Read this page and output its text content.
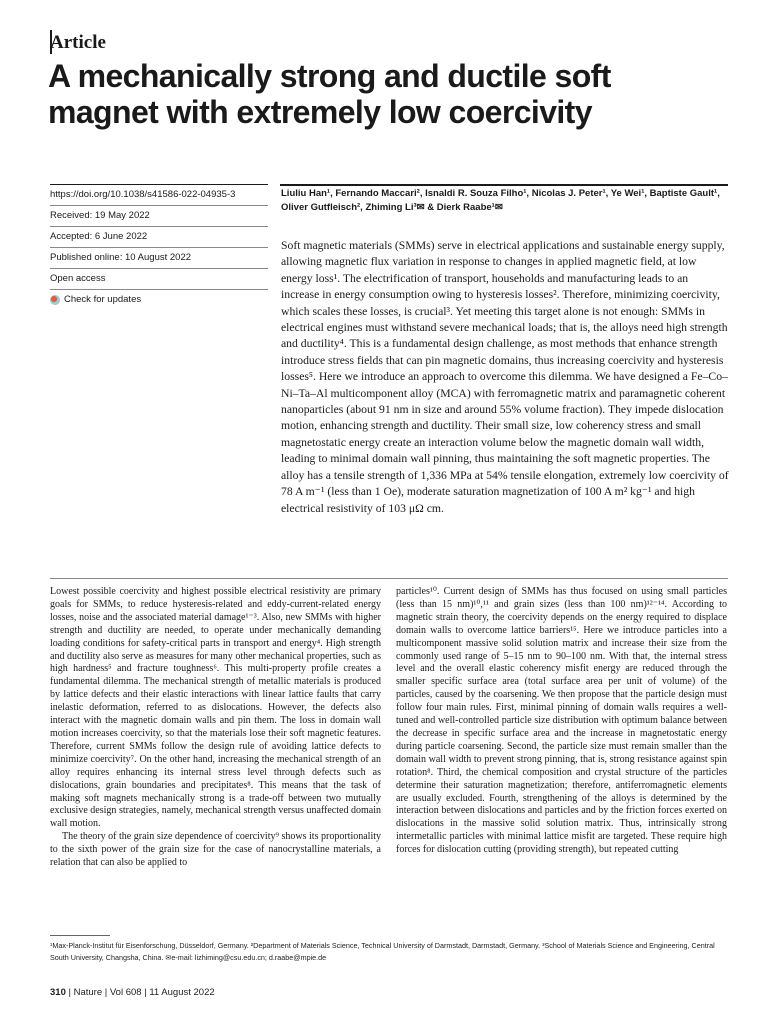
Article
A mechanically strong and ductile soft magnet with extremely low coercivity
https://doi.org/10.1038/s41586-022-04935-3
Received: 19 May 2022
Accepted: 6 June 2022
Published online: 10 August 2022
Open access
Check for updates
Liuliu Han¹, Fernando Maccari², Isnaldi R. Souza Filho¹, Nicolas J. Peter¹, Ye Wei¹, Baptiste Gault¹, Oliver Gutfleisch², Zhiming Li³✉ & Dierk Raabe¹✉

Soft magnetic materials (SMMs) serve in electrical applications and sustainable energy supply, allowing magnetic flux variation in response to changes in applied magnetic field, at low energy loss¹. The electrification of transport, households and manufacturing leads to an increase in energy consumption owing to hysteresis losses². Therefore, minimizing coercivity, which scales these losses, is crucial³. Yet meeting this target alone is not enough: SMMs in electrical engines must withstand severe mechanical loads; that is, the alloys need high strength and ductility⁴. This is a fundamental design challenge, as most methods that enhance strength introduce stress fields that can pin magnetic domains, thus increasing coercivity and hysteresis losses⁵. Here we introduce an approach to overcome this dilemma. We have designed a Fe–Co–Ni–Ta–Al multicomponent alloy (MCA) with ferromagnetic matrix and paramagnetic coherent nanoparticles (about 91 nm in size and around 55% volume fraction). They impede dislocation motion, enhancing strength and ductility. Their small size, low coherency stress and small magnetostatic energy create an interaction volume below the magnetic domain wall width, leading to minimal domain wall pinning, thus maintaining the soft magnetic properties. The alloy has a tensile strength of 1,336 MPa at 54% tensile elongation, extremely low coercivity of 78 A m⁻¹ (less than 1 Oe), moderate saturation magnetization of 100 A m² kg⁻¹ and high electrical resistivity of 103 μΩ cm.

Lowest possible coercivity and highest possible electrical resistivity are primary goals for SMMs, to reduce hysteresis-related and eddy-current-related energy losses, noise and the associated material damage¹⁻³. Also, new SMMs with higher strength and ductility are needed, to operate under mechanically demanding loading conditions for safety-critical parts in transport and energy⁴. High strength and ductility also serve as measures for many other mechanical properties, such as high hardness⁵ and fracture toughness⁶. This multi-property profile creates a fundamental dilemma. The mechanical strength of metallic materials is produced by lattice defects and their elastic interactions with linear lattice faults that carry inelastic deformation, referred to as dislocations. However, the defects also interact with the magnetic domain walls and pin them. The loss in domain wall motion increases coercivity, so that the materials lose their soft magnetic features. Therefore, current SMMs follow the design rule of avoiding lattice defects to minimize coercivity⁷. On the other hand, increasing the mechanical strength of an alloy requires enhancing its internal stress level through defects such as dislocations, grain boundaries and precipitates⁸. This means that the task of making soft magnets mechanically strong is a trade-off between two mutually exclusive design strategies, namely, mechanical strength versus unaffected domain wall motion.

The theory of the grain size dependence of coercivity⁹ shows its proportionality to the sixth power of the grain size for the case of nanocrystalline materials, a relation that can also be applied to

particles¹⁰. Current design of SMMs has thus focused on using small particles (less than 15 nm)¹⁰,¹¹ and grain sizes (less than 100 nm)¹²⁻¹⁴. According to magnetic strain theory, the coercivity depends on the energy required to displace domain walls to overcome lattice barriers¹⁵. Here we introduce particles into a multicomponent massive solid solution matrix and increase their size from the commonly used range of 5–15 nm to 90–100 nm. With that, the internal stress level and the overall elastic coherency misfit energy are reduced through the smaller specific surface area (total surface area per unit of volume) of the particles, caused by the coarsening. We then propose that the particle design must follow four main rules. First, minimal pinning of domain walls requires a well-tuned and well-controlled particle size distribution with optimum balance between the decrease in specific surface area and the increase in magnetostatic energy during particle coarsening. Second, the particle size must remain smaller than the domain wall width to prevent strong pinning, that is, strong resistance against spin rotation⁸. Third, the chemical composition and crystal structure of the particles determine their saturation magnetization; therefore, antiferromagnetic elements are usually excluded. Fourth, strengthening of the alloys is determined by the interaction between dislocations and particles and by the friction forces exerted on dislocations in the massive solid solution matrix. Thus, intrinsically strong intermetallic particles with minimal lattice misfit are targeted. These require high forces for dislocation cutting (providing strength), but repeated cutting

¹Max-Planck-Institut für Eisenforschung, Düsseldorf, Germany. ²Department of Materials Science, Technical University of Darmstadt, Darmstadt, Germany. ³School of Materials Science and Engineering, Central South University, Changsha, China. ✉e-mail: lizhiming@csu.edu.cn; d.raabe@mpie.de
310 | Nature | Vol 608 | 11 August 2022
